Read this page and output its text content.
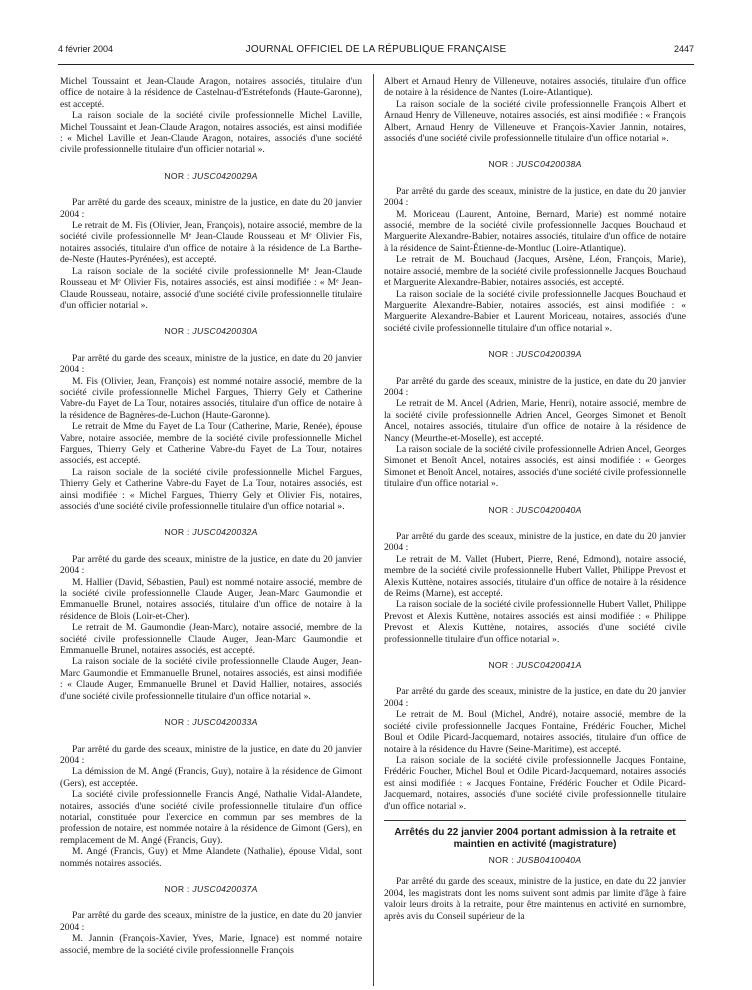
4 février 2004	JOURNAL OFFICIEL DE LA RÉPUBLIQUE FRANÇAISE	2447

Michel Toussaint et Jean-Claude Aragon, notaires associés, titulaire d'un office de notaire à la résidence de Castelnau-d'Estrétefonds (Haute-Garonne), est accepté.

La raison sociale de la société civile professionnelle Michel Laville, Michel Toussaint et Jean-Claude Aragon, notaires associés, est ainsi modifiée : « Michel Laville et Jean-Claude Aragon, notaires, associés d'une société civile professionnelle titulaire d'un officier notarial ».

NOR : JUSC0420029A

Par arrêté du garde des sceaux, ministre de la justice, en date du 20 janvier 2004 :

Le retrait de M. Fis (Olivier, Jean, François), notaire associé, membre de la société civile professionnelle Mᵉ Jean-Claude Rousseau et Mᵉ Olivier Fis, notaires associés, titulaire d'un office de notaire à la résidence de La Barthe-de-Neste (Hautes-Pyrénées), est accepté.

La raison sociale de la société civile professionnelle Mᵉ Jean-Claude Rousseau et Mᵉ Olivier Fis, notaires associés, est ainsi modifiée : « Mᵉ Jean-Claude Rousseau, notaire, associé d'une société civile professionnelle titulaire d'un officier notarial ».

NOR : JUSC0420030A

Par arrêté du garde des sceaux, ministre de la justice, en date du 20 janvier 2004 :

M. Fis (Olivier, Jean, François) est nommé notaire associé, membre de la société civile professionnelle Michel Fargues, Thierry Gely et Catherine Vabre-du Fayet de La Tour, notaires associés, titulaire d'un office de notaire à la résidence de Bagnères-de-Luchon (Haute-Garonne).

Le retrait de Mme du Fayet de La Tour (Catherine, Marie, Renée), épouse Vabre, notaire associée, membre de la société civile professionnelle Michel Fargues, Thierry Gely et Catherine Vabre-du Fayet de La Tour, notaires associés, est accepté.

La raison sociale de la société civile professionnelle Michel Fargues, Thierry Gely et Catherine Vabre-du Fayet de La Tour, notaires associés, est ainsi modifiée : « Michel Fargues, Thierry Gely et Olivier Fis, notaires, associés d'une société civile professionnelle titulaire d'un office notarial ».

NOR : JUSC0420032A

Par arrêté du garde des sceaux, ministre de la justice, en date du 20 janvier 2004 :

M. Hallier (David, Sébastien, Paul) est nommé notaire associé, membre de la société civile professionnelle Claude Auger, Jean-Marc Gaumondie et Emmanuelle Brunel, notaires associés, titulaire d'un office de notaire à la résidence de Blois (Loir-et-Cher).

Le retrait de M. Gaumondie (Jean-Marc), notaire associé, membre de la société civile professionnelle Claude Auger, Jean-Marc Gaumondie et Emmanuelle Brunel, notaires associés, est accepté.

La raison sociale de la société civile professionnelle Claude Auger, Jean-Marc Gaumondie et Emmanuelle Brunel, notaires associés, est ainsi modifiée : « Claude Auger, Emmanuelle Brunel et David Hallier, notaires, associés d'une société civile professionnelle titulaire d'un office notarial ».

NOR : JUSC0420033A

Par arrêté du garde des sceaux, ministre de la justice, en date du 20 janvier 2004 :

La démission de M. Angé (Francis, Guy), notaire à la résidence de Gimont (Gers), est acceptée.

La société civile professionnelle Francis Angé, Nathalie Vidal-Alandete, notaires, associés d'une société civile professionnelle titulaire d'un office notarial, constituée pour l'exercice en commun par ses membres de la profession de notaire, est nommée notaire à la résidence de Gimont (Gers), en remplacement de M. Angé (Francis, Guy).

M. Angé (Francis, Guy) et Mme Alandete (Nathalie), épouse Vidal, sont nommés notaires associés.

NOR : JUSC0420037A

Par arrêté du garde des sceaux, ministre de la justice, en date du 20 janvier 2004 :

M. Jannin (François-Xavier, Yves, Marie, Ignace) est nommé notaire associé, membre de la société civile professionnelle François

Albert et Arnaud Henry de Villeneuve, notaires associés, titulaire d'un office de notaire à la résidence de Nantes (Loire-Atlantique).

La raison sociale de la société civile professionnelle François Albert et Arnaud Henry de Villeneuve, notaires associés, est ainsi modifiée : « François Albert, Arnaud Henry de Villeneuve et François-Xavier Jannin, notaires, associés d'une société civile professionnelle titulaire d'un office notarial ».

NOR : JUSC0420038A

Par arrêté du garde des sceaux, ministre de la justice, en date du 20 janvier 2004 :

M. Moriceau (Laurent, Antoine, Bernard, Marie) est nommé notaire associé, membre de la société civile professionnelle Jacques Bouchaud et Marguerite Alexandre-Babier, notaires associés, titulaire d'un office de notaire à la résidence de Saint-Étienne-de-Montluc (Loire-Atlantique).

Le retrait de M. Bouchaud (Jacques, Arsène, Léon, François, Marie), notaire associé, membre de la société civile professionnelle Jacques Bouchaud et Marguerite Alexandre-Babier, notaires associés, est accepté.

La raison sociale de la société civile professionnelle Jacques Bouchaud et Marguerite Alexandre-Babier, notaires associés, est ainsi modifiée : « Marguerite Alexandre-Babier et Laurent Moriceau, notaires, associés d'une société civile professionnelle titulaire d'un office notarial ».

NOR : JUSC0420039A

Par arrêté du garde des sceaux, ministre de la justice, en date du 20 janvier 2004 :

Le retrait de M. Ancel (Adrien, Marie, Henri), notaire associé, membre de la société civile professionnelle Adrien Ancel, Georges Simonet et Benoît Ancel, notaires associés, titulaire d'un office de notaire à la résidence de Nancy (Meurthe-et-Moselle), est accepté.

La raison sociale de la société civile professionnelle Adrien Ancel, Georges Simonet et Benoît Ancel, notaires associés, est ainsi modifiée : « Georges Simonet et Benoît Ancel, notaires, associés d'une société civile professionnelle titulaire d'un office notarial ».

NOR : JUSC0420040A

Par arrêté du garde des sceaux, ministre de la justice, en date du 20 janvier 2004 :

Le retrait de M. Vallet (Hubert, Pierre, René, Edmond), notaire associé, membre de la société civile professionnelle Hubert Vallet, Philippe Prevost et Alexis Kuttène, notaires associés, titulaire d'un office de notaire à la résidence de Reims (Marne), est accepté.

La raison sociale de la société civile professionnelle Hubert Vallet, Philippe Prevost et Alexis Kuttène, notaires associés est ainsi modifiée : « Philippe Prevost et Alexis Kuttène, notaires, associés d'une société civile professionnelle titulaire d'un office notarial ».

NOR : JUSC0420041A

Par arrêté du garde des sceaux, ministre de la justice, en date du 20 janvier 2004 :

Le retrait de M. Boul (Michel, André), notaire associé, membre de la société civile professionnelle Jacques Fontaine, Frédéric Foucher, Michel Boul et Odile Picard-Jacquemard, notaires associés, titulaire d'un office de notaire à la résidence du Havre (Seine-Maritime), est accepté.

La raison sociale de la société civile professionnelle Jacques Fontaine, Frédéric Foucher, Michel Boul et Odile Picard-Jacquemard, notaires associés est ainsi modifiée : « Jacques Fontaine, Frédéric Foucher et Odile Picard-Jacquemard, notaires, associés d'une société civile professionnelle titulaire d'un office notarial ».

Arrêtés du 22 janvier 2004 portant admission à la retraite et maintien en activité (magistrature)
NOR : JUSB0410040A

Par arrêté du garde des sceaux, ministre de la justice, en date du 22 janvier 2004, les magistrats dont les noms suivent sont admis par limite d'âge à faire valoir leurs droits à la retraite, pour être maintenus en activité en surnombre, après avis du Conseil supérieur de la
